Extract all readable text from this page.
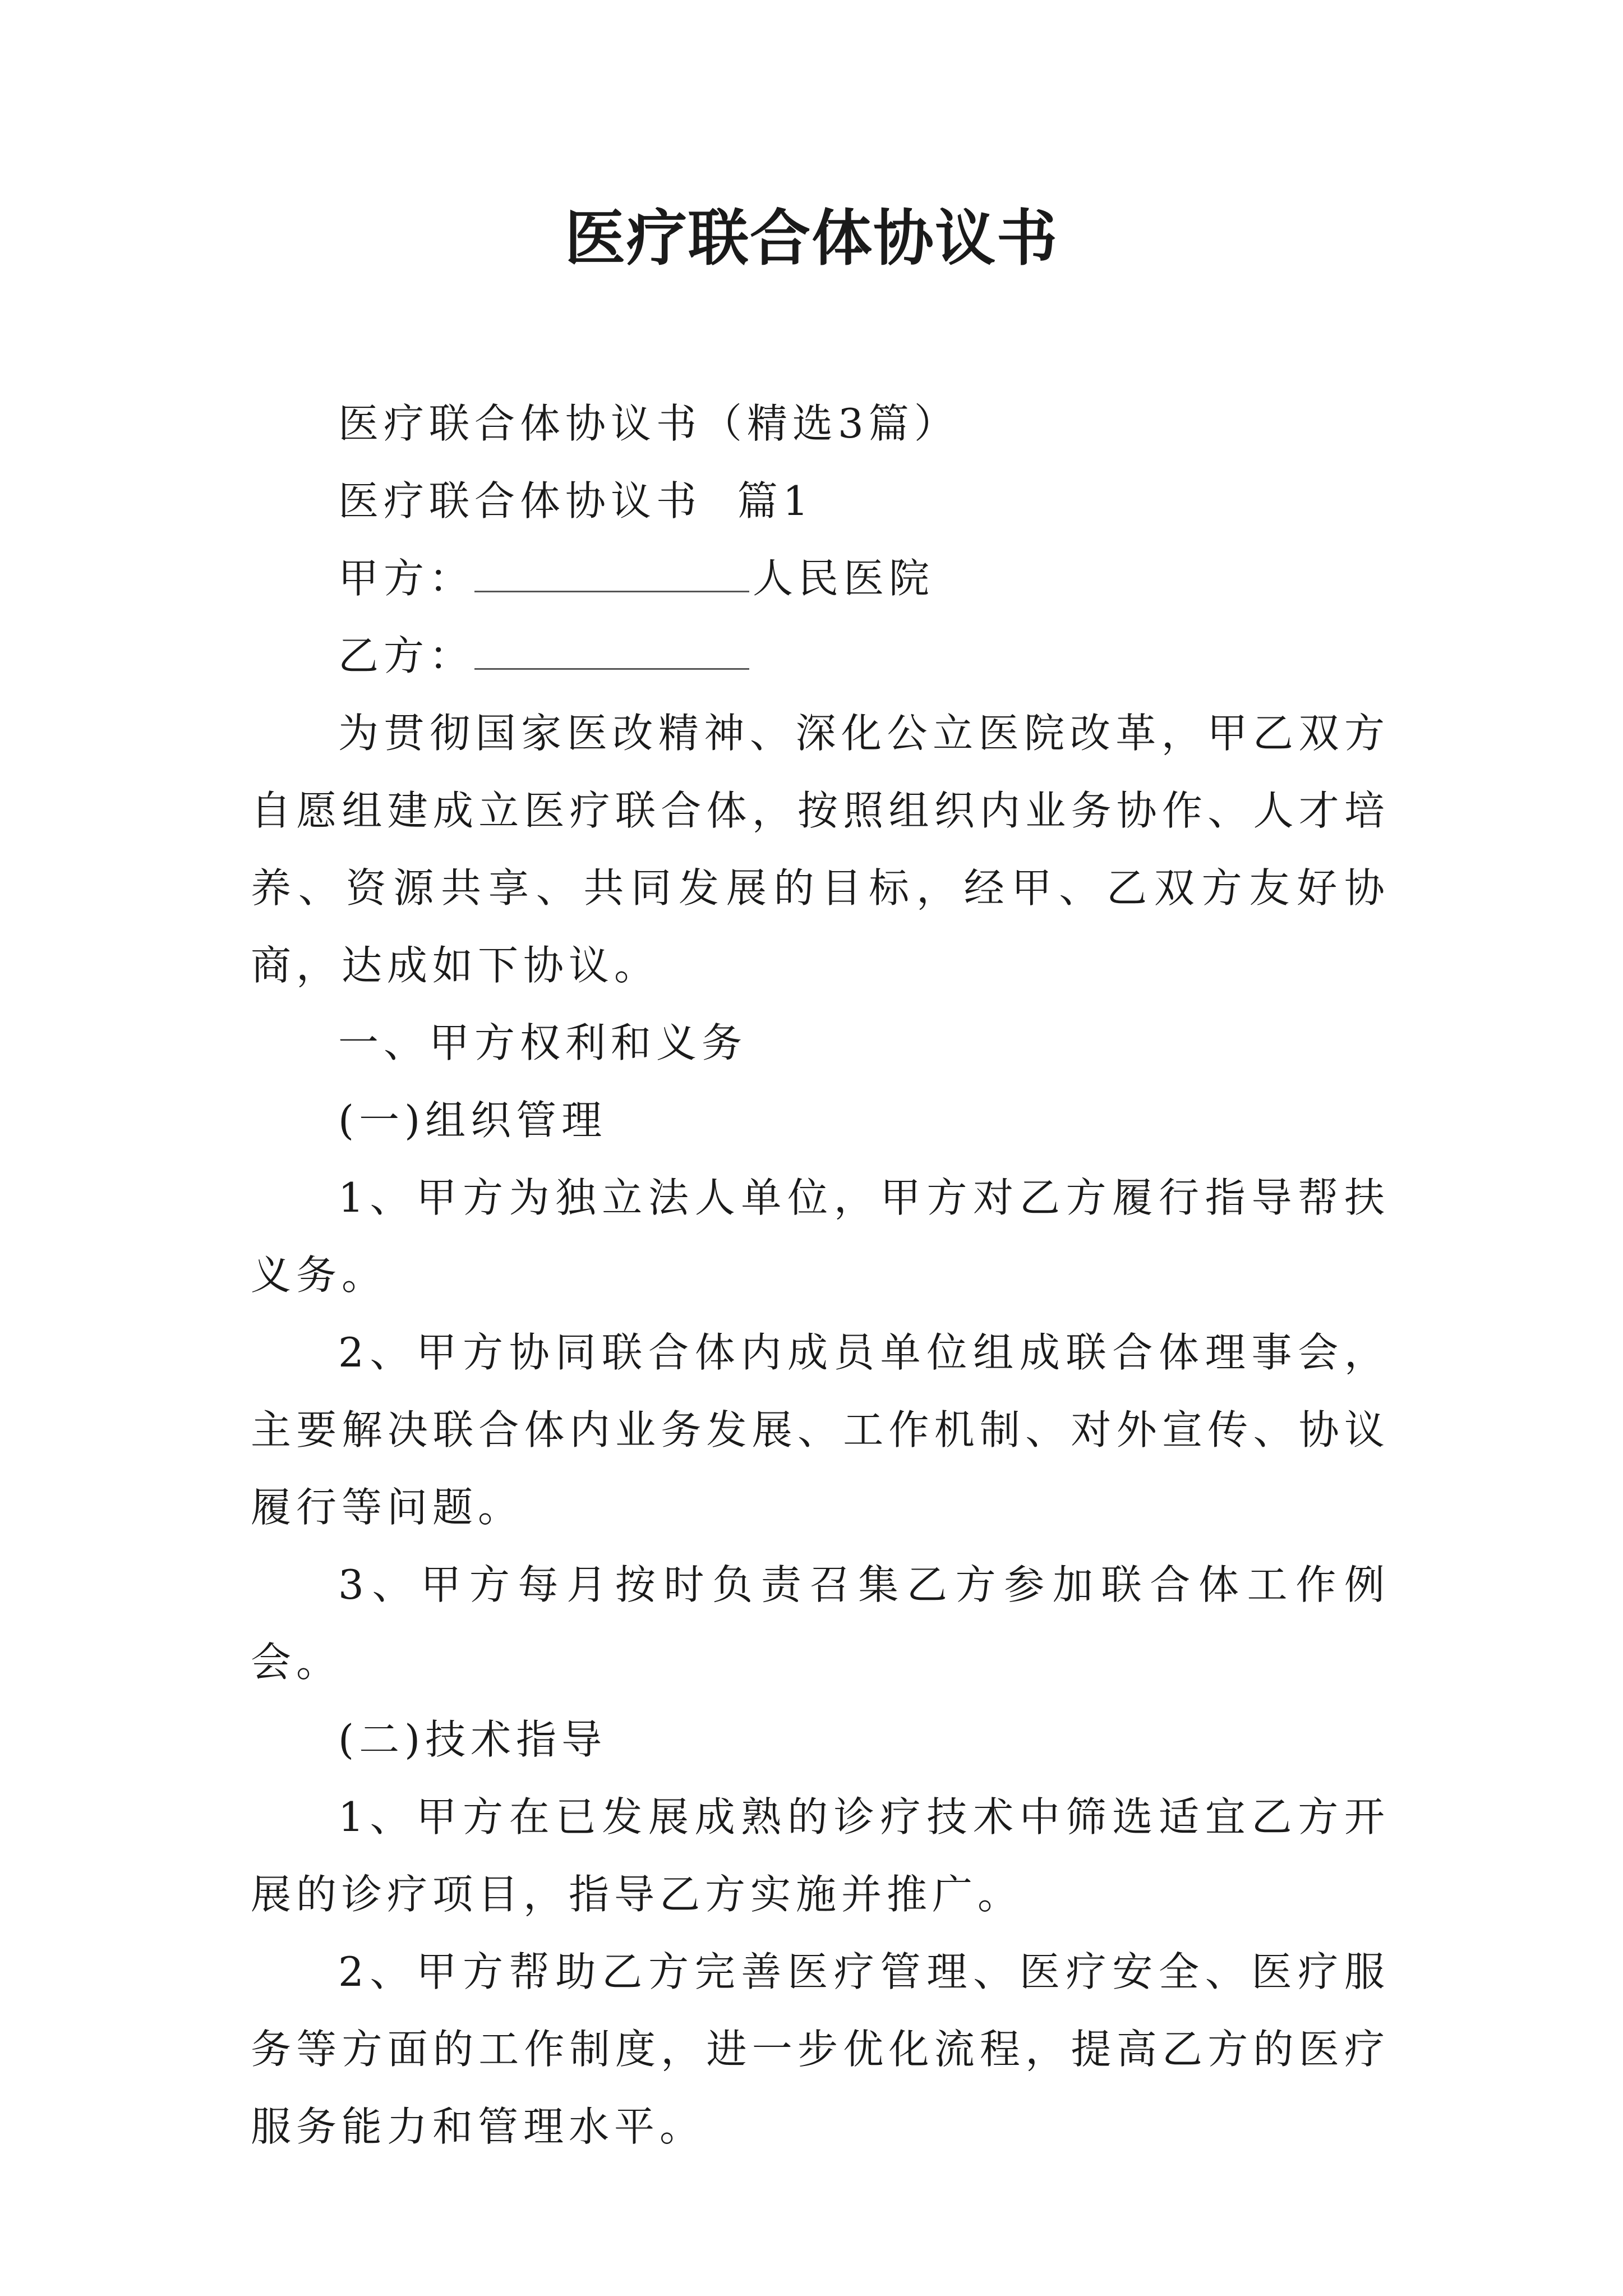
医疗联合体协议书

医疗联合体协议书（精选3篇）

医疗联合体协议书  篇1

甲方：	人民医院

乙方：

为贯彻国家医改精神、深化公立医院改革，甲乙双方自愿组建成立医疗联合体，按照组织内业务协作、人才培养、资源共享、共同发展的目标，经甲、乙双方友好协商，达成如下协议。

一、甲方权利和义务

(一)组织管理

1、甲方为独立法人单位，甲方对乙方履行指导帮扶义务。

2、甲方协同联合体内成员单位组成联合体理事会，主要解决联合体内业务发展、工作机制、对外宣传、协议履行等问题。

3、甲方每月按时负责召集乙方参加联合体工作例会。

(二)技术指导

1、甲方在已发展成熟的诊疗技术中筛选适宜乙方开展的诊疗项目，指导乙方实施并推广。

2、甲方帮助乙方完善医疗管理、医疗安全、医疗服务等方面的工作制度，进一步优化流程，提高乙方的医疗服务能力和管理水平。
